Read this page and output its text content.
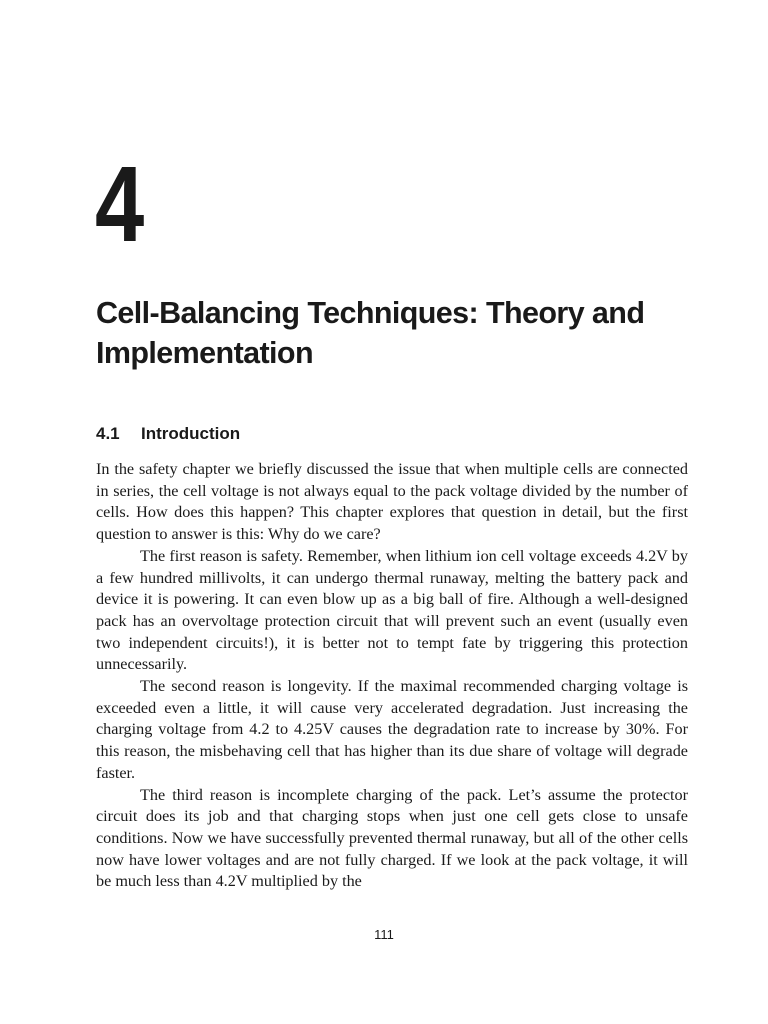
4
Cell-Balancing Techniques: Theory and Implementation
4.1 Introduction

In the safety chapter we briefly discussed the issue that when multiple cells are connected in series, the cell voltage is not always equal to the pack voltage divided by the number of cells. How does this happen? This chapter explores that question in detail, but the first question to answer is this: Why do we care?

The first reason is safety. Remember, when lithium ion cell voltage exceeds 4.2V by a few hundred millivolts, it can undergo thermal runaway, melting the battery pack and device it is powering. It can even blow up as a big ball of fire. Although a well-designed pack has an overvoltage protection circuit that will prevent such an event (usually even two independent circuits!), it is better not to tempt fate by triggering this protection unnecessarily.

The second reason is longevity. If the maximal recommended charging voltage is exceeded even a little, it will cause very accelerated degradation. Just increasing the charging voltage from 4.2 to 4.25V causes the degradation rate to increase by 30%. For this reason, the misbehaving cell that has higher than its due share of voltage will degrade faster.

The third reason is incomplete charging of the pack. Let’s assume the protector circuit does its job and that charging stops when just one cell gets close to unsafe conditions. Now we have successfully prevented thermal runaway, but all of the other cells now have lower voltages and are not fully charged. If we look at the pack voltage, it will be much less than 4.2V multiplied by the

111
